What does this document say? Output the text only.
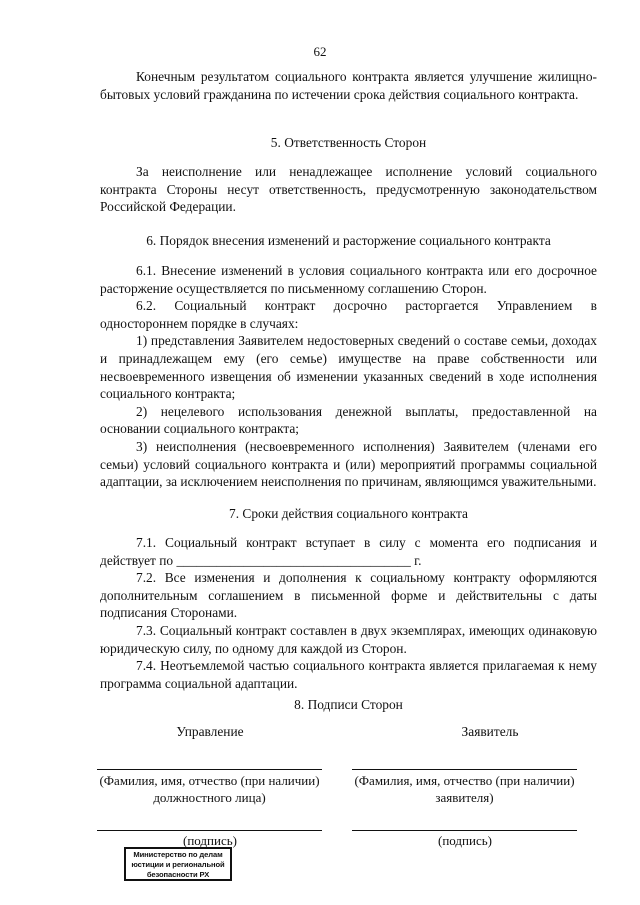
62

Конечным результатом социального контракта является улучшение жилищно-бытовых условий гражданина по истечении срока действия социального контракта.

5. Ответственность Сторон

За неисполнение или ненадлежащее исполнение условий социального контракта Стороны несут ответственность, предусмотренную законодательством Российской Федерации.

6. Порядок внесения изменений и расторжение социального контракта

6.1. Внесение изменений в условия социального контракта или его досрочное расторжение осуществляется по письменному соглашению Сторон.

6.2. Социальный контракт досрочно расторгается Управлением в одностороннем порядке в случаях:

1) представления Заявителем недостоверных сведений о составе семьи, доходах и принадлежащем ему (его семье) имуществе на праве собственности или несвоевременного извещения об изменении указанных сведений в ходе исполнения социального контракта;

2) нецелевого использования денежной выплаты, предоставленной на основании социального контракта;

3) неисполнения (несвоевременного исполнения) Заявителем (членами его семьи) условий социального контракта и (или) мероприятий программы социальной адаптации, за исключением неисполнения по причинам, являющимся уважительными.

7. Сроки действия социального контракта

7.1. Социальный контракт вступает в силу с момента его подписания и действует по ___________________________________ г.

7.2. Все изменения и дополнения к социальному контракту оформляются дополнительным соглашением в письменной форме и действительны с даты подписания Сторонами.

7.3. Социальный контракт составлен в двух экземплярах, имеющих одинаковую юридическую силу, по одному для каждой из Сторон.

7.4. Неотъемлемой частью социального контракта является прилагаемая к нему программа социальной адаптации.

8. Подписи Сторон
Управление	Заявитель
(Фамилия, имя, отчество (при наличии) должностного лица)
(Фамилия, имя, отчество (при наличии) заявителя)
(подпись)	(подпись)
Министерство по делам
юстиции и региональной
безопасности РХ
